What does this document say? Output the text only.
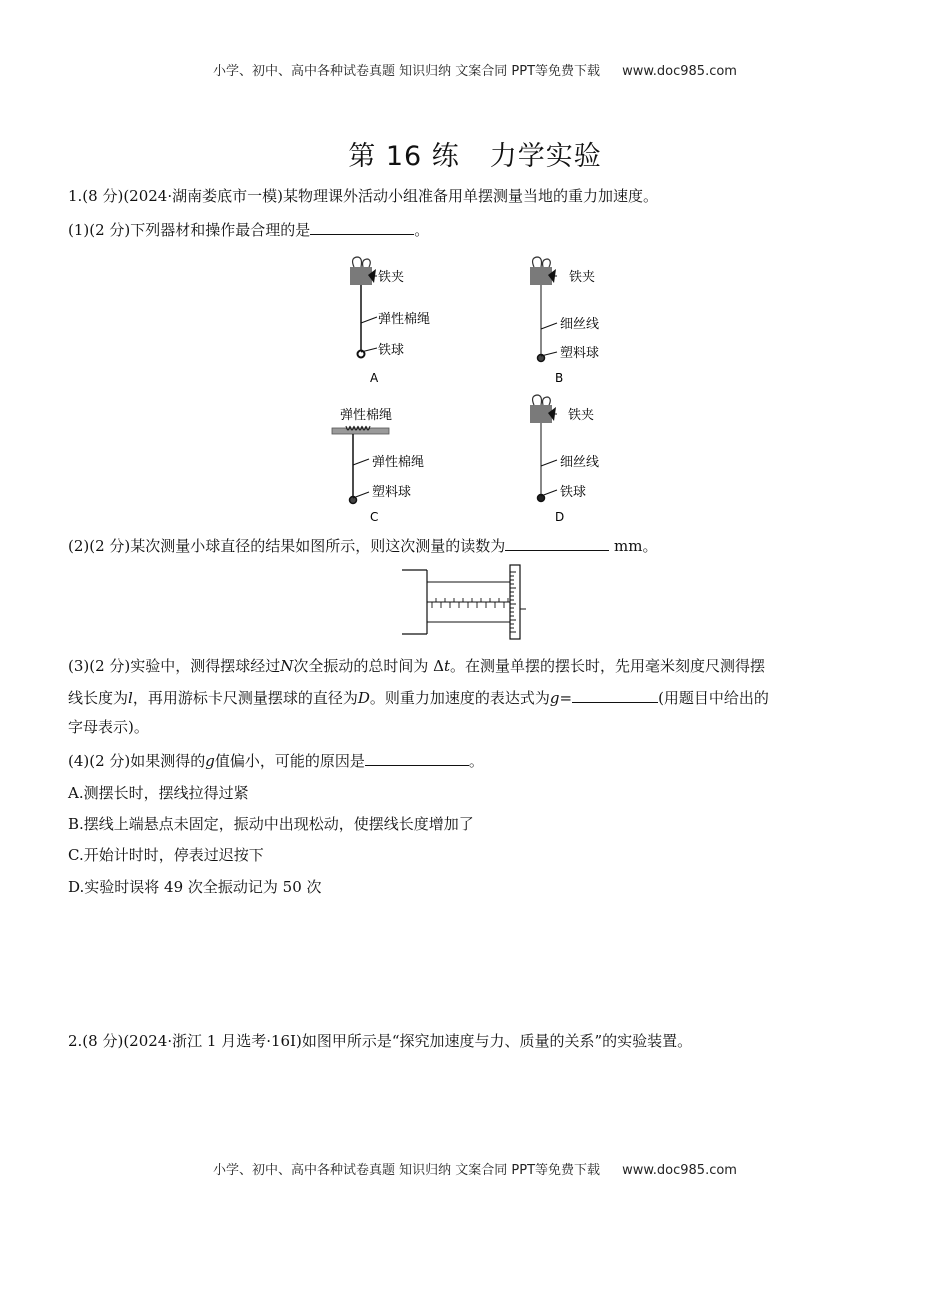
小学、初中、高中各种试卷真题 知识归纳 文案合同 PPT等免费下载 www.doc985.com
第 16 练 力学实验
1.(8 分)(2024·湖南娄底市一模)某物理课外活动小组准备用单摆测量当地的重力加速度。
(1)(2 分)下列器材和操作最合理的是	。
铁夹
弹性棉绳
铁球
A
铁夹
细丝线
塑料球
B
弹性棉绳
弹性棉绳
塑料球
C
铁夹
细丝线
铁球
D
(2)(2 分)某次测量小球直径的结果如图所示，则这次测量的读数为	mm。
(3)(2 分)实验中，测得摆球经过N次全振动的总时间为 Δt。在测量单摆的摆长时，先用毫米刻度尺测得摆
线长度为l，再用游标卡尺测量摆球的直径为D。则重力加速度的表达式为g=	(用题目中给出的
字母表示)。
(4)(2 分)如果测得的g值偏小，可能的原因是	。
A.测摆长时，摆线拉得过紧
B.摆线上端悬点未固定，振动中出现松动，使摆线长度增加了
C.开始计时时，停表过迟按下
D.实验时误将 49 次全振动记为 50 次
2.(8 分)(2024·浙江 1 月选考·16Ⅰ)如图甲所示是“探究加速度与力、质量的关系”的实验装置。
小学、初中、高中各种试卷真题 知识归纳 文案合同 PPT等免费下载 www.doc985.com
